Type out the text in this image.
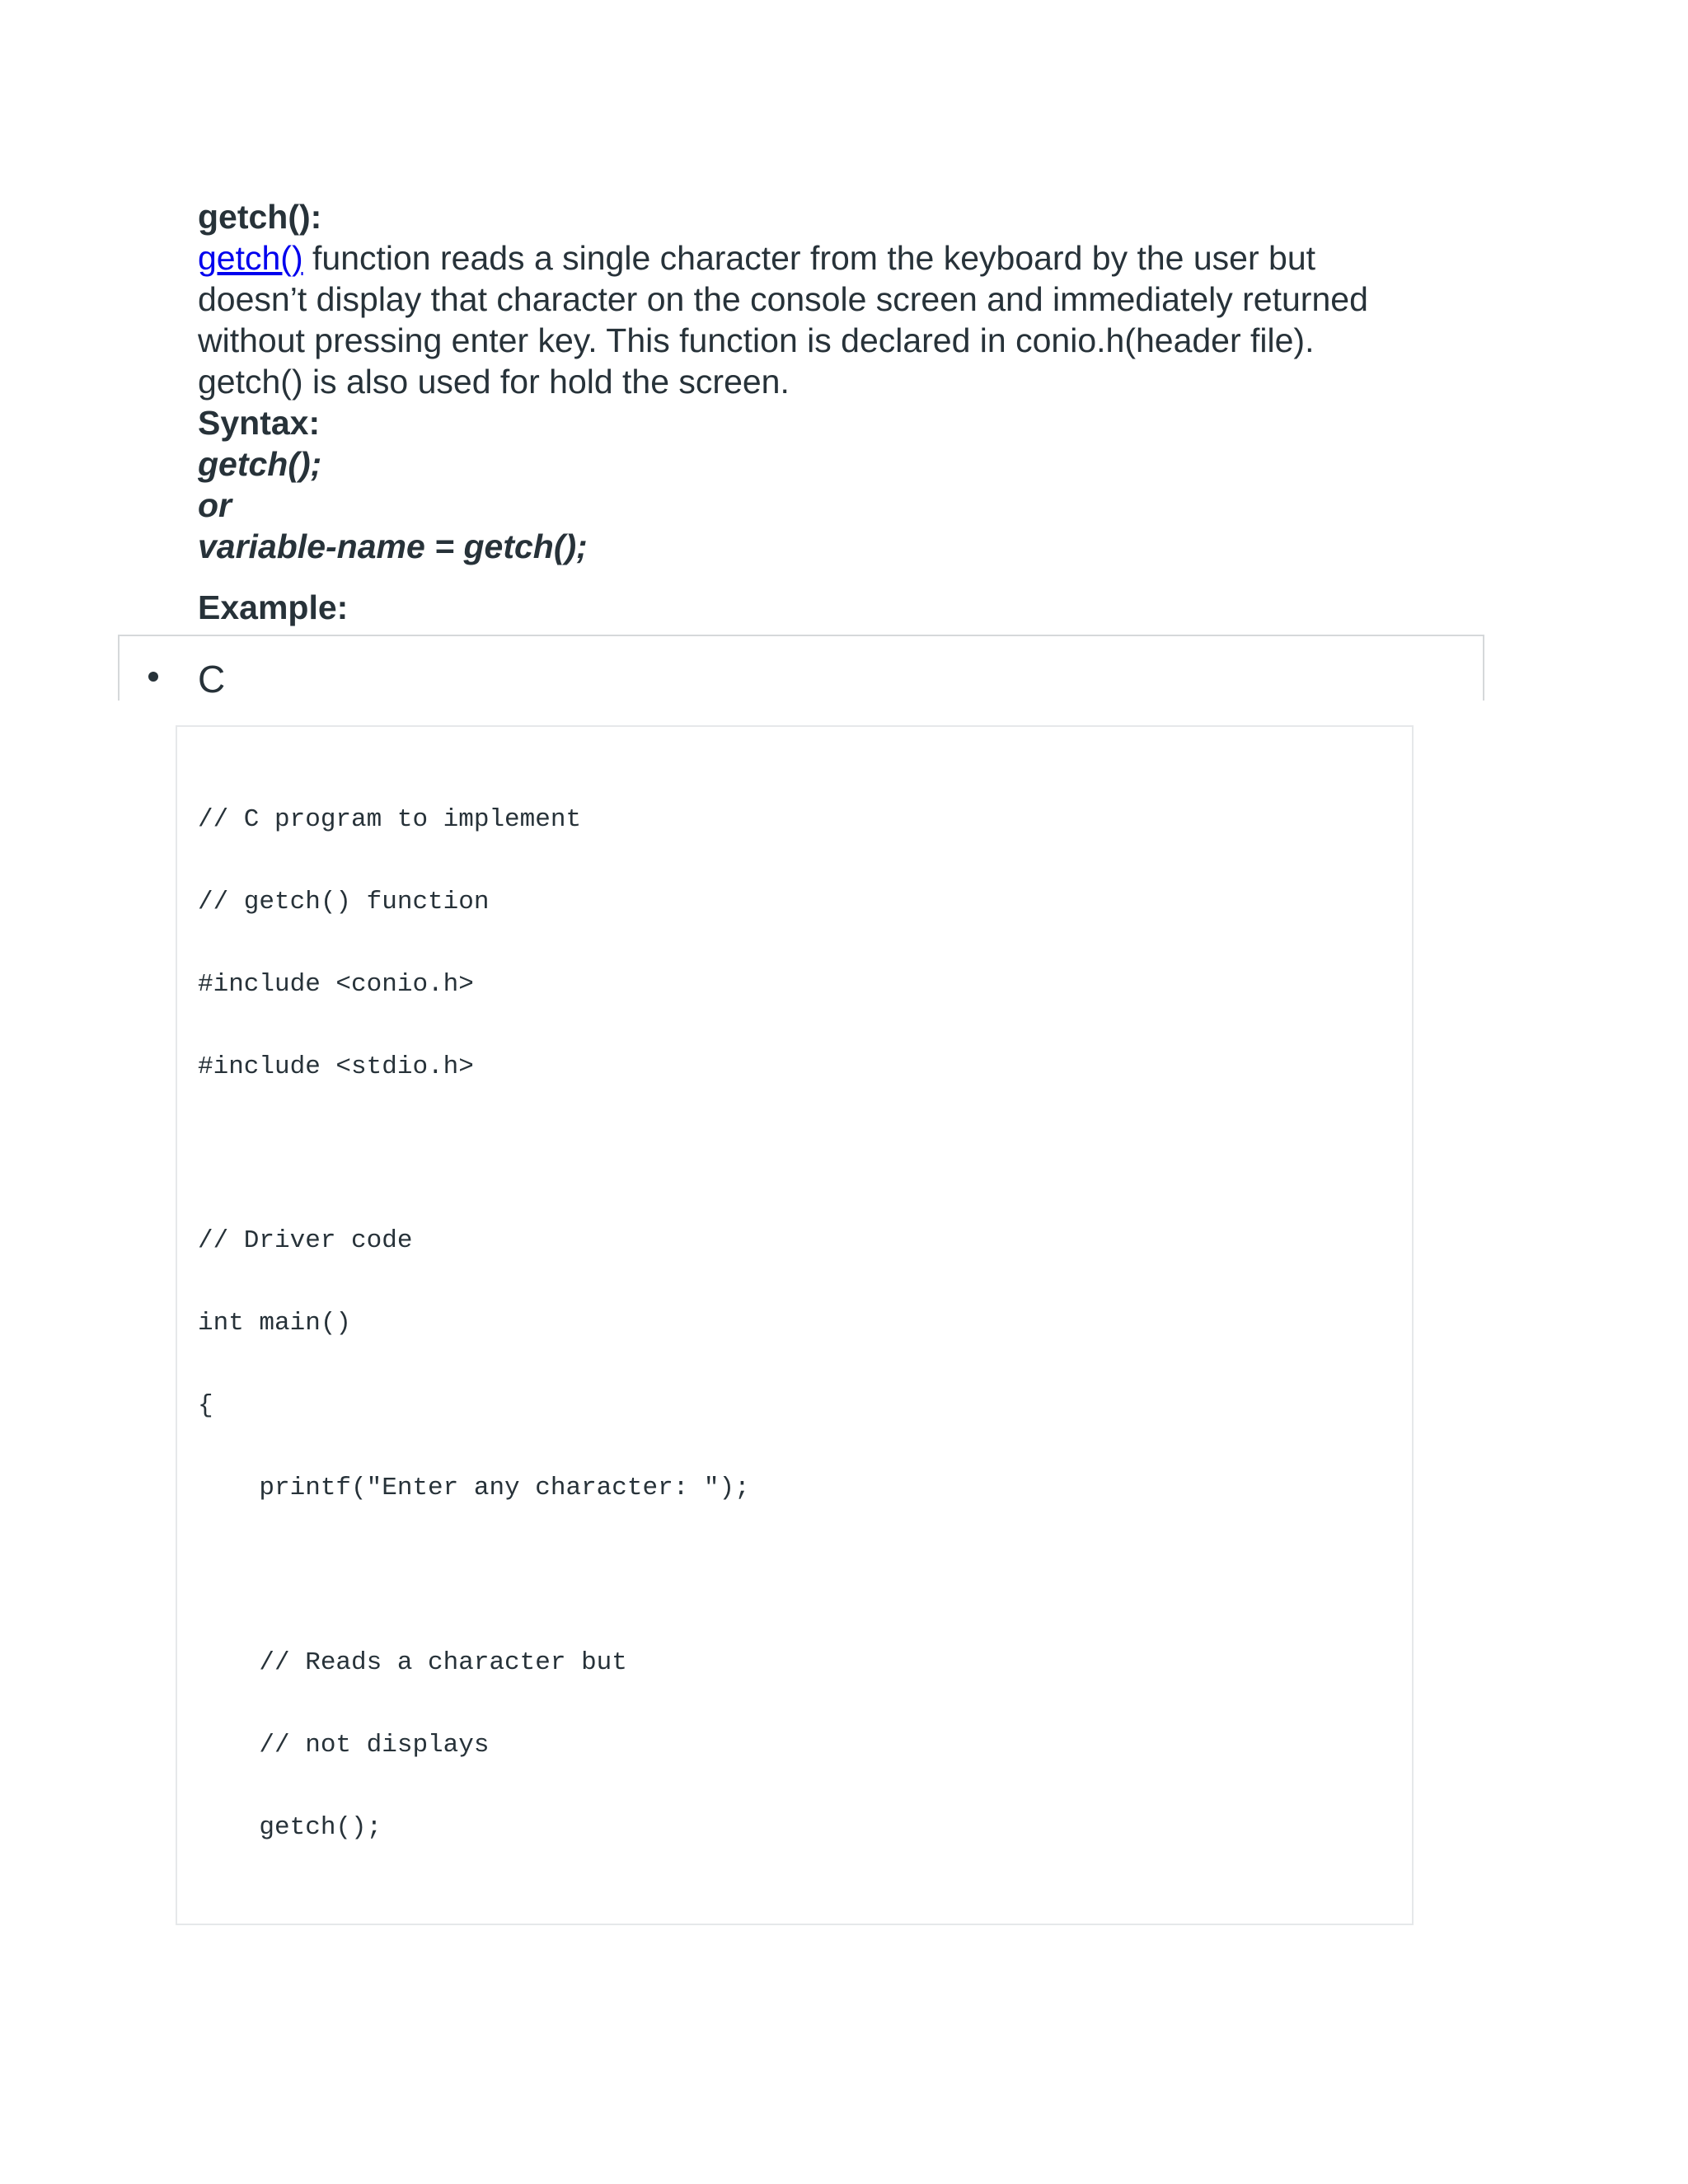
getch():

getch() function reads a single character from the keyboard by the user but
doesn’t display that character on the console screen and immediately returned
without pressing enter key. This function is declared in conio.h(header file).
getch() is also used for hold the screen.

Syntax:

getch();

or

variable-name = getch();

Example:

C
// C program to implement
// getch() function
#include <conio.h>
#include <stdio.h>
// Driver code
int main()
{
printf("Enter any character: ");
// Reads a character but
// not displays
getch();
